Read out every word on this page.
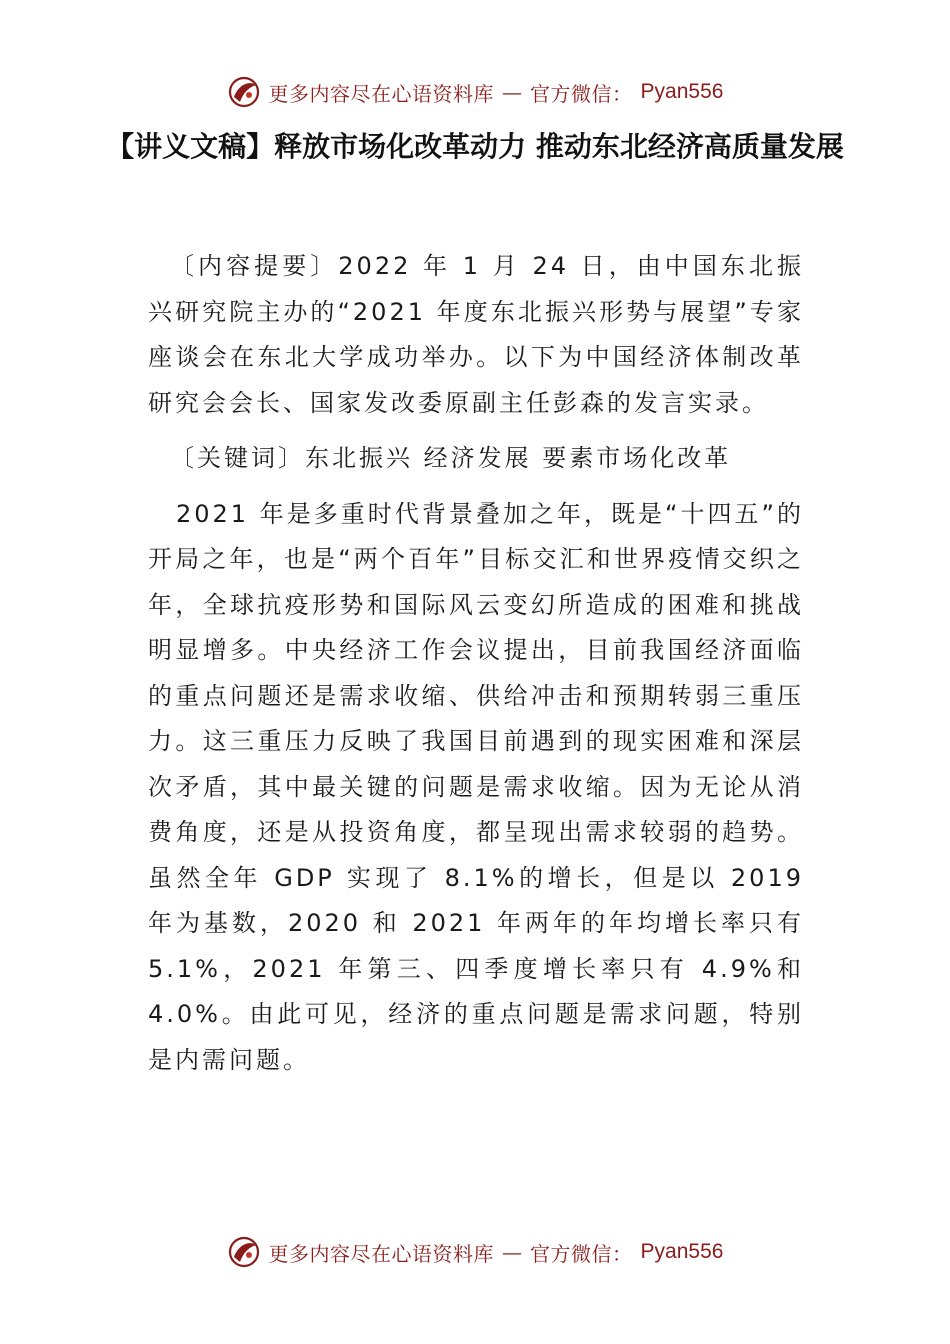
更多内容尽在心语资料库 — 官方微信： Pyan556
【讲义文稿】释放市场化改革动力 推动东北经济高质量发展

〔内容提要〕2022 年 1 月 24 日，由中国东北振兴研究院主办的“2021 年度东北振兴形势与展望”专家座谈会在东北大学成功举办。以下为中国经济体制改革研究会会长、国家发改委原副主任彭森的发言实录。

〔关键词〕东北振兴 经济发展 要素市场化改革

2021 年是多重时代背景叠加之年，既是“十四五”的开局之年，也是“两个百年”目标交汇和世界疫情交织之年，全球抗疫形势和国际风云变幻所造成的困难和挑战明显增多。中央经济工作会议提出，目前我国经济面临的重点问题还是需求收缩、供给冲击和预期转弱三重压力。这三重压力反映了我国目前遇到的现实困难和深层次矛盾，其中最关键的问题是需求收缩。因为无论从消费角度，还是从投资角度，都呈现出需求较弱的趋势。虽然全年 GDP 实现了 8.1%的增长，但是以 2019 年为基数，2020 和 2021 年两年的年均增长率只有 5.1%，2021 年第三、四季度增长率只有 4.9%和 4.0%。由此可见，经济的重点问题是需求问题，特别是内需问题。

更多内容尽在心语资料库 — 官方微信： Pyan556
